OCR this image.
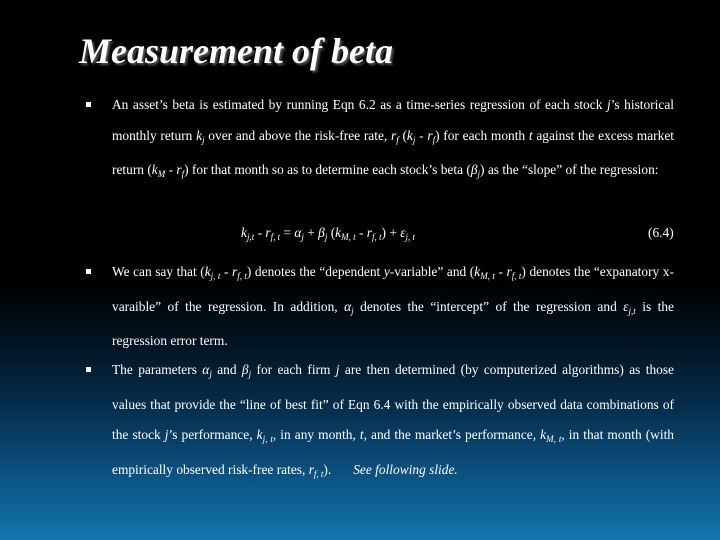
Measurement of beta
An asset’s beta is estimated by running Eqn 6.2 as a time-series regression of each stock j’s historical monthly return $k_j$ over and above the risk-free rate, $r_f$ $(k_j - r_f)$ for each month t against the excess market return $(k_M - r_f)$ for that month so as to determine each stock’s beta $(\beta_j)$ as the “slope” of the regression:
$k_{j,t} - r_{f, t} = \alpha_j + \beta_j$ $(k_{M, t} - r_{f, t}) + \varepsilon_{j, t}$	(6.4)
We can say that $(k_{j, t} - r_{f, t})$ denotes the “dependent y-variable” and $(k_{M, t} - r_{f, t})$ denotes the “expanatory x-varaible” of the regression. In addition, $\alpha_j$ denotes the “intercept” of the regression and $\varepsilon_{j,t}$ is the regression error term.
The parameters $\alpha_j$ and $\beta_j$ for each firm j are then determined (by computerized algorithms) as those values that provide the “line of best fit” of Eqn 6.4 with the empirically observed data combinations of the stock j’s performance, $k_{j, t}$, in any month, t, and the market’s performance, $k_{M, t}$, in that month (with empirically observed risk-free rates, $r_{f, t}$). See following slide.
